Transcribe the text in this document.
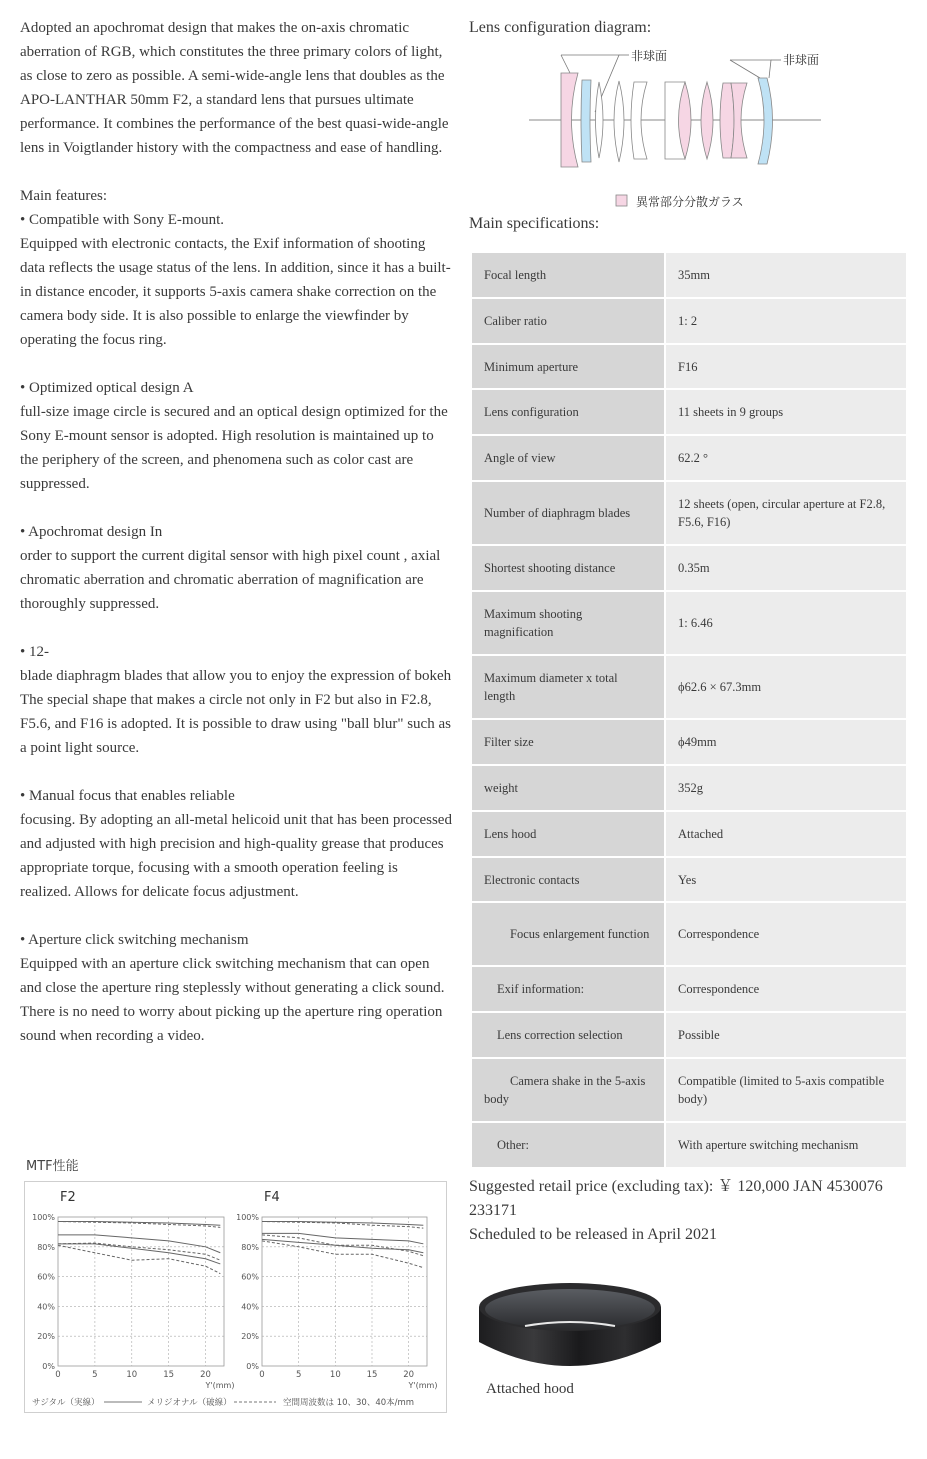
Adopted an apochromat design that makes the on-axis chromatic aberration of RGB, which constitutes the three primary colors of light, as close to zero as possible. A semi-wide-angle lens that doubles as the APO-LANTHAR 50mm F2, a standard lens that pursues ultimate performance. It combines the performance of the best quasi-wide-angle lens in Voigtlander history with the compactness and ease of handling.

Main features:

• Compatible with Sony E-mount.

Equipped with electronic contacts, the Exif information of shooting data reflects the usage status of the lens. In addition, since it has a built-in distance encoder, it supports 5-axis camera shake correction on the camera body side. It is also possible to enlarge the viewfinder by operating the focus ring.

• Optimized optical design A

full-size image circle is secured and an optical design optimized for the Sony E-mount sensor is adopted. High resolution is maintained up to the periphery of the screen, and phenomena such as color cast are suppressed.

• Apochromat design In

order to support the current digital sensor with high pixel count , axial chromatic aberration and chromatic aberration of magnification are thoroughly suppressed.

• 12-

blade diaphragm blades that allow you to enjoy the expression of bokeh The special shape that makes a circle not only in F2 but also in F2.8, F5.6, and F16 is adopted. It is possible to draw using "ball blur" such as a point light source.

• Manual focus that enables reliable

focusing. By adopting an all-metal helicoid unit that has been processed and adjusted with high precision and high-quality grease that produces appropriate torque, focusing with a smooth operation feeling is realized. Allows for delicate focus adjustment.

• Aperture click switching mechanism

Equipped with an aperture click switching mechanism that can open and close the aperture ring steplessly without generating a click sound. There is no need to worry about picking up the aperture ring operation sound when recording a video.

Lens configuration diagram:

非球面	非球面
異常部分分散ガラス
Main specifications:
Focal length	35mm
Caliber ratio	1: 2
Minimum aperture	F16
Lens configuration	11 sheets in 9 groups
Angle of view	62.2 °
Number of diaphragm blades	12 sheets (open, circular aperture at F2.8, F5.6, F16)
Shortest shooting distance	0.35m
Maximum shooting magnification	1: 6.46
Maximum diameter x total length	ϕ62.6 × 67.3mm
Filter size	ϕ49mm
weight	352g
Lens hood	Attached
Electronic contacts	Yes
Focus enlargement function	Correspondence
Exif information:	Correspondence
Lens correction selection	Possible
Camera shake in the 5-axis body	Compatible (limited to 5-axis compatible body)
Other:	With aperture switching mechanism
Suggested retail price (excluding tax): ￥ 120,000 JAN 4530076 233171
Scheduled to be released in April 2021
Attached hood
MTF性能
F2
0%
20%
40%
60%
80%
100%
0	5	10	15	20
Y'(mm)
F4
0%
20%
40%
60%
80%
100%
0	5	10	15	20
Y'(mm)
サジタル（実線）	メリジオナル（破線）	空間周波数は 10、30、40本/mm
